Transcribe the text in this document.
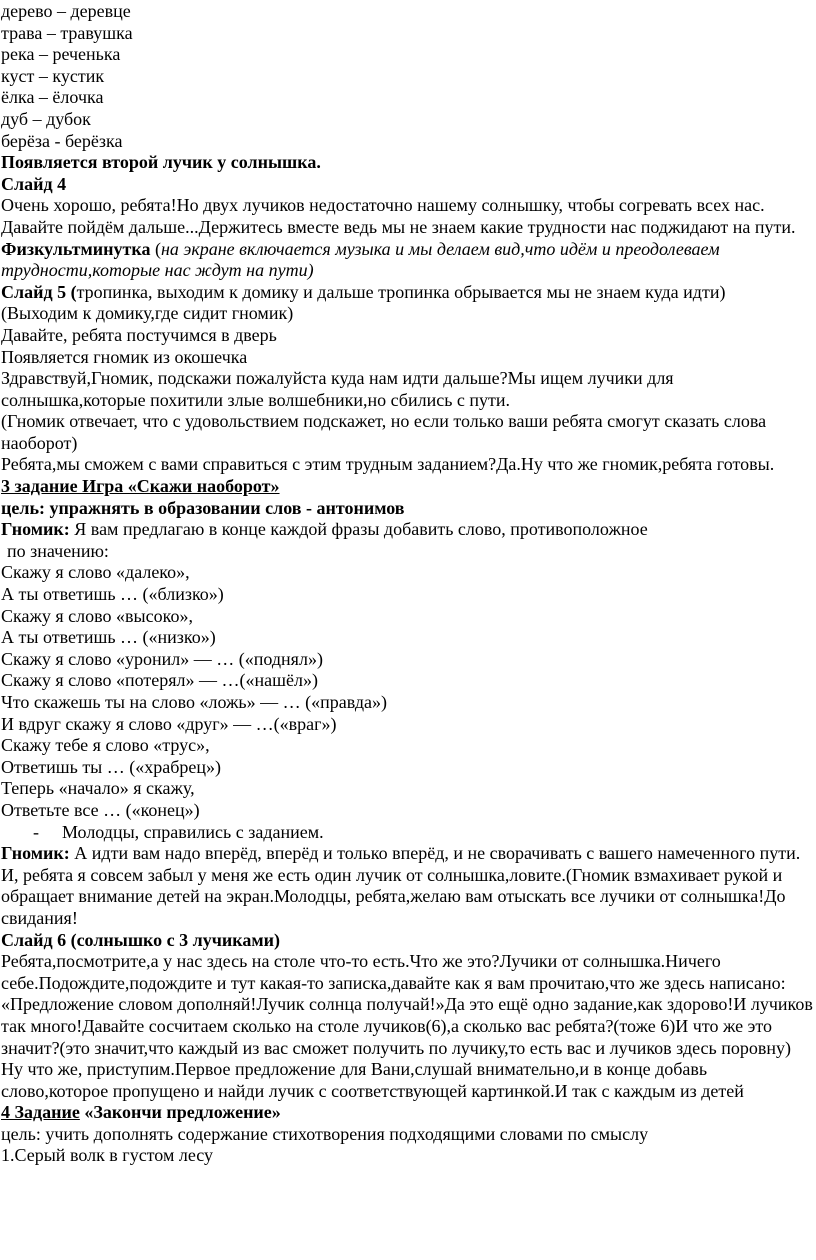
дерево – деревце
трава – травушка
река – реченька
куст – кустик
ёлка – ёлочка
дуб – дубок
берёза - берёзка
Появляется второй лучик у солнышка.
Слайд 4
Очень хорошо, ребята!Но двух лучиков недостаточно нашему солнышку, чтобы согревать всех нас. Давайте пойдём дальше...Держитесь вместе ведь мы не знаем какие трудности нас поджидают на пути.
Физкультминутка (на экране включается музыка и мы делаем вид,что идём и преодолеваем трудности,которые нас ждут на пути)
Слайд 5 (тропинка, выходим к домику и дальше тропинка обрывается мы не знаем куда идти)
(Выходим к домику,где сидит гномик)
Давайте, ребята постучимся в дверь
Появляется гномик из окошечка
Здравствуй,Гномик, подскажи пожалуйста куда нам идти дальше?Мы ищем лучики для солнышка,которые похитили злые волшебники,но сбились с пути.
(Гномик отвечает, что с удовольствием подскажет, но если только ваши ребята смогут сказать слова наоборот)
Ребята,мы сможем с вами справиться с этим трудным заданием?Да.Ну что же гномик,ребята готовы.
3 задание Игра «Скажи наоборот»
цель: упражнять в образовании слов - антонимов
Гномик: Я вам предлагаю в конце каждой фразы добавить слово, противоположное
по значению:
Скажу я слово «далеко»,
А ты ответишь … («близко»)
Скажу я слово «высоко»,
А ты ответишь … («низко»)
Скажу я слово «уронил» — … («поднял»)
Скажу я слово «потерял» — …(«нашёл»)
Что скажешь ты на слово «ложь» — … («правда»)
И вдруг скажу я слово «друг» — …(«враг»)
Скажу тебе я слово «трус»,
Ответишь ты … («храбрец»)
Теперь «начало» я скажу,
Ответьте все … («конец»)
- Молодцы, справились с заданием.
Гномик: А идти вам надо вперёд, вперёд и только вперёд, и не сворачивать с вашего намеченного пути. И, ребята я совсем забыл у меня же есть один лучик от солнышка,ловите.(Гномик взмахивает рукой и обращает внимание детей на экран.Молодцы, ребята,желаю вам отыскать все лучики от солнышка!До свидания!
Слайд 6 (солнышко с 3 лучиками)
Ребята,посмотрите,а у нас здесь на столе что-то есть.Что же это?Лучики от солнышка.Ничего себе.Подождите,подождите и тут какая-то записка,давайте как я вам прочитаю,что же здесь написано: «Предложение словом дополняй!Лучик солнца получай!»Да это ещё одно задание,как здорово!И лучиков так много!Давайте сосчитаем сколько на столе лучиков(6),а сколько вас ребята?(тоже 6)И что же это значит?(это значит,что каждый из вас сможет получить по лучику,то есть вас и лучиков здесь поровну)
Ну что же, приступим.Первое предложение для Вани,слушай внимательно,и в конце добавь слово,которое пропущено и найди лучик с соответствующей картинкой.И так с каждым из детей
4 Задание «Закончи предложение»
цель: учить дополнять содержание стихотворения подходящими словами по смыслу
1.Серый волк в густом лесу
